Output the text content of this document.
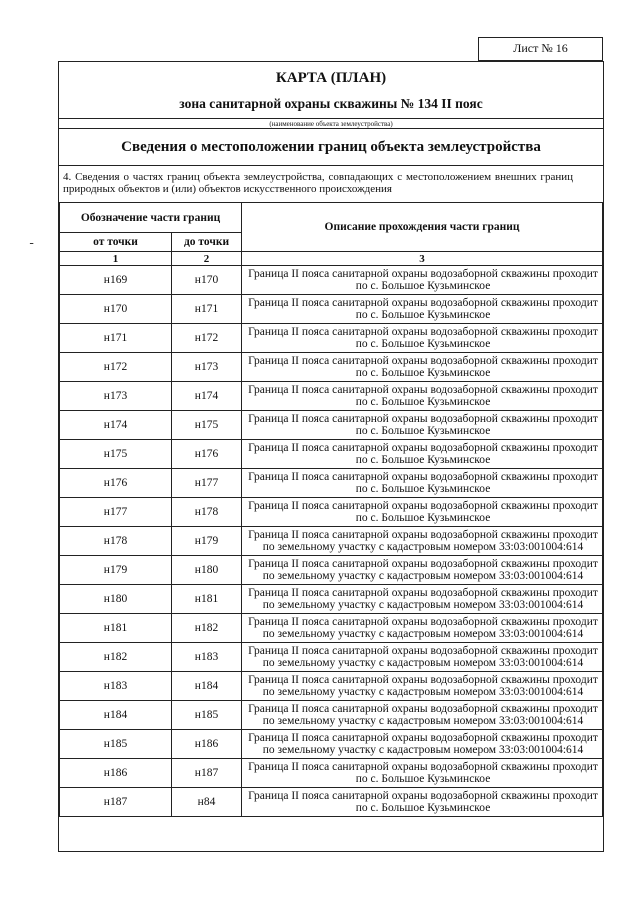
Лист № 16
КАРТА (ПЛАН)
зона санитарной охраны скважины № 134 II пояс
(наименование объекта землеустройства)
Сведения о местоположении границ объекта землеустройства
4. Сведения о частях границ объекта землеустройства, совпадающих с местоположением внешних границ природных объектов и (или) объектов искусственного происхождения
Обозначение части границ		Описание прохождения части границ
от точки	до точки	
1	2	3
н169	н170	Граница II пояса санитарной охраны водозаборной скважины проходит
по с. Большое Кузьминское

н170	н171	Граница II пояса санитарной охраны водозаборной скважины проходит
по с. Большое Кузьминское

н171	н172	Граница II пояса санитарной охраны водозаборной скважины проходит
по с. Большое Кузьминское

н172	н173	Граница II пояса санитарной охраны водозаборной скважины проходит
по с. Большое Кузьминское

н173	н174	Граница II пояса санитарной охраны водозаборной скважины проходит
по с. Большое Кузьминское

н174	н175	Граница II пояса санитарной охраны водозаборной скважины проходит
по с. Большое Кузьминское

н175	н176	Граница II пояса санитарной охраны водозаборной скважины проходит
по с. Большое Кузьминское

н176	н177	Граница II пояса санитарной охраны водозаборной скважины проходит
по с. Большое Кузьминское

н177	н178	Граница II пояса санитарной охраны водозаборной скважины проходит
по с. Большое Кузьминское

н178	н179	Граница II пояса санитарной охраны водозаборной скважины проходит
по земельному участку с кадастровым номером 33:03:001004:614

н179	н180	Граница II пояса санитарной охраны водозаборной скважины проходит
по земельному участку с кадастровым номером 33:03:001004:614

н180	н181	Граница II пояса санитарной охраны водозаборной скважины проходит
по земельному участку с кадастровым номером 33:03:001004:614

н181	н182	Граница II пояса санитарной охраны водозаборной скважины проходит
по земельному участку с кадастровым номером 33:03:001004:614

н182	н183	Граница II пояса санитарной охраны водозаборной скважины проходит
по земельному участку с кадастровым номером 33:03:001004:614

н183	н184	Граница II пояса санитарной охраны водозаборной скважины проходит
по земельному участку с кадастровым номером 33:03:001004:614

н184	н185	Граница II пояса санитарной охраны водозаборной скважины проходит
по земельному участку с кадастровым номером 33:03:001004:614

н185	н186	Граница II пояса санитарной охраны водозаборной скважины проходит
по земельному участку с кадастровым номером 33:03:001004:614

н186	н187	Граница II пояса санитарной охраны водозаборной скважины проходит
по с. Большое Кузьминское

н187	н84	Граница II пояса санитарной охраны водозаборной скважины проходит
по с. Большое Кузьминское
ـ
